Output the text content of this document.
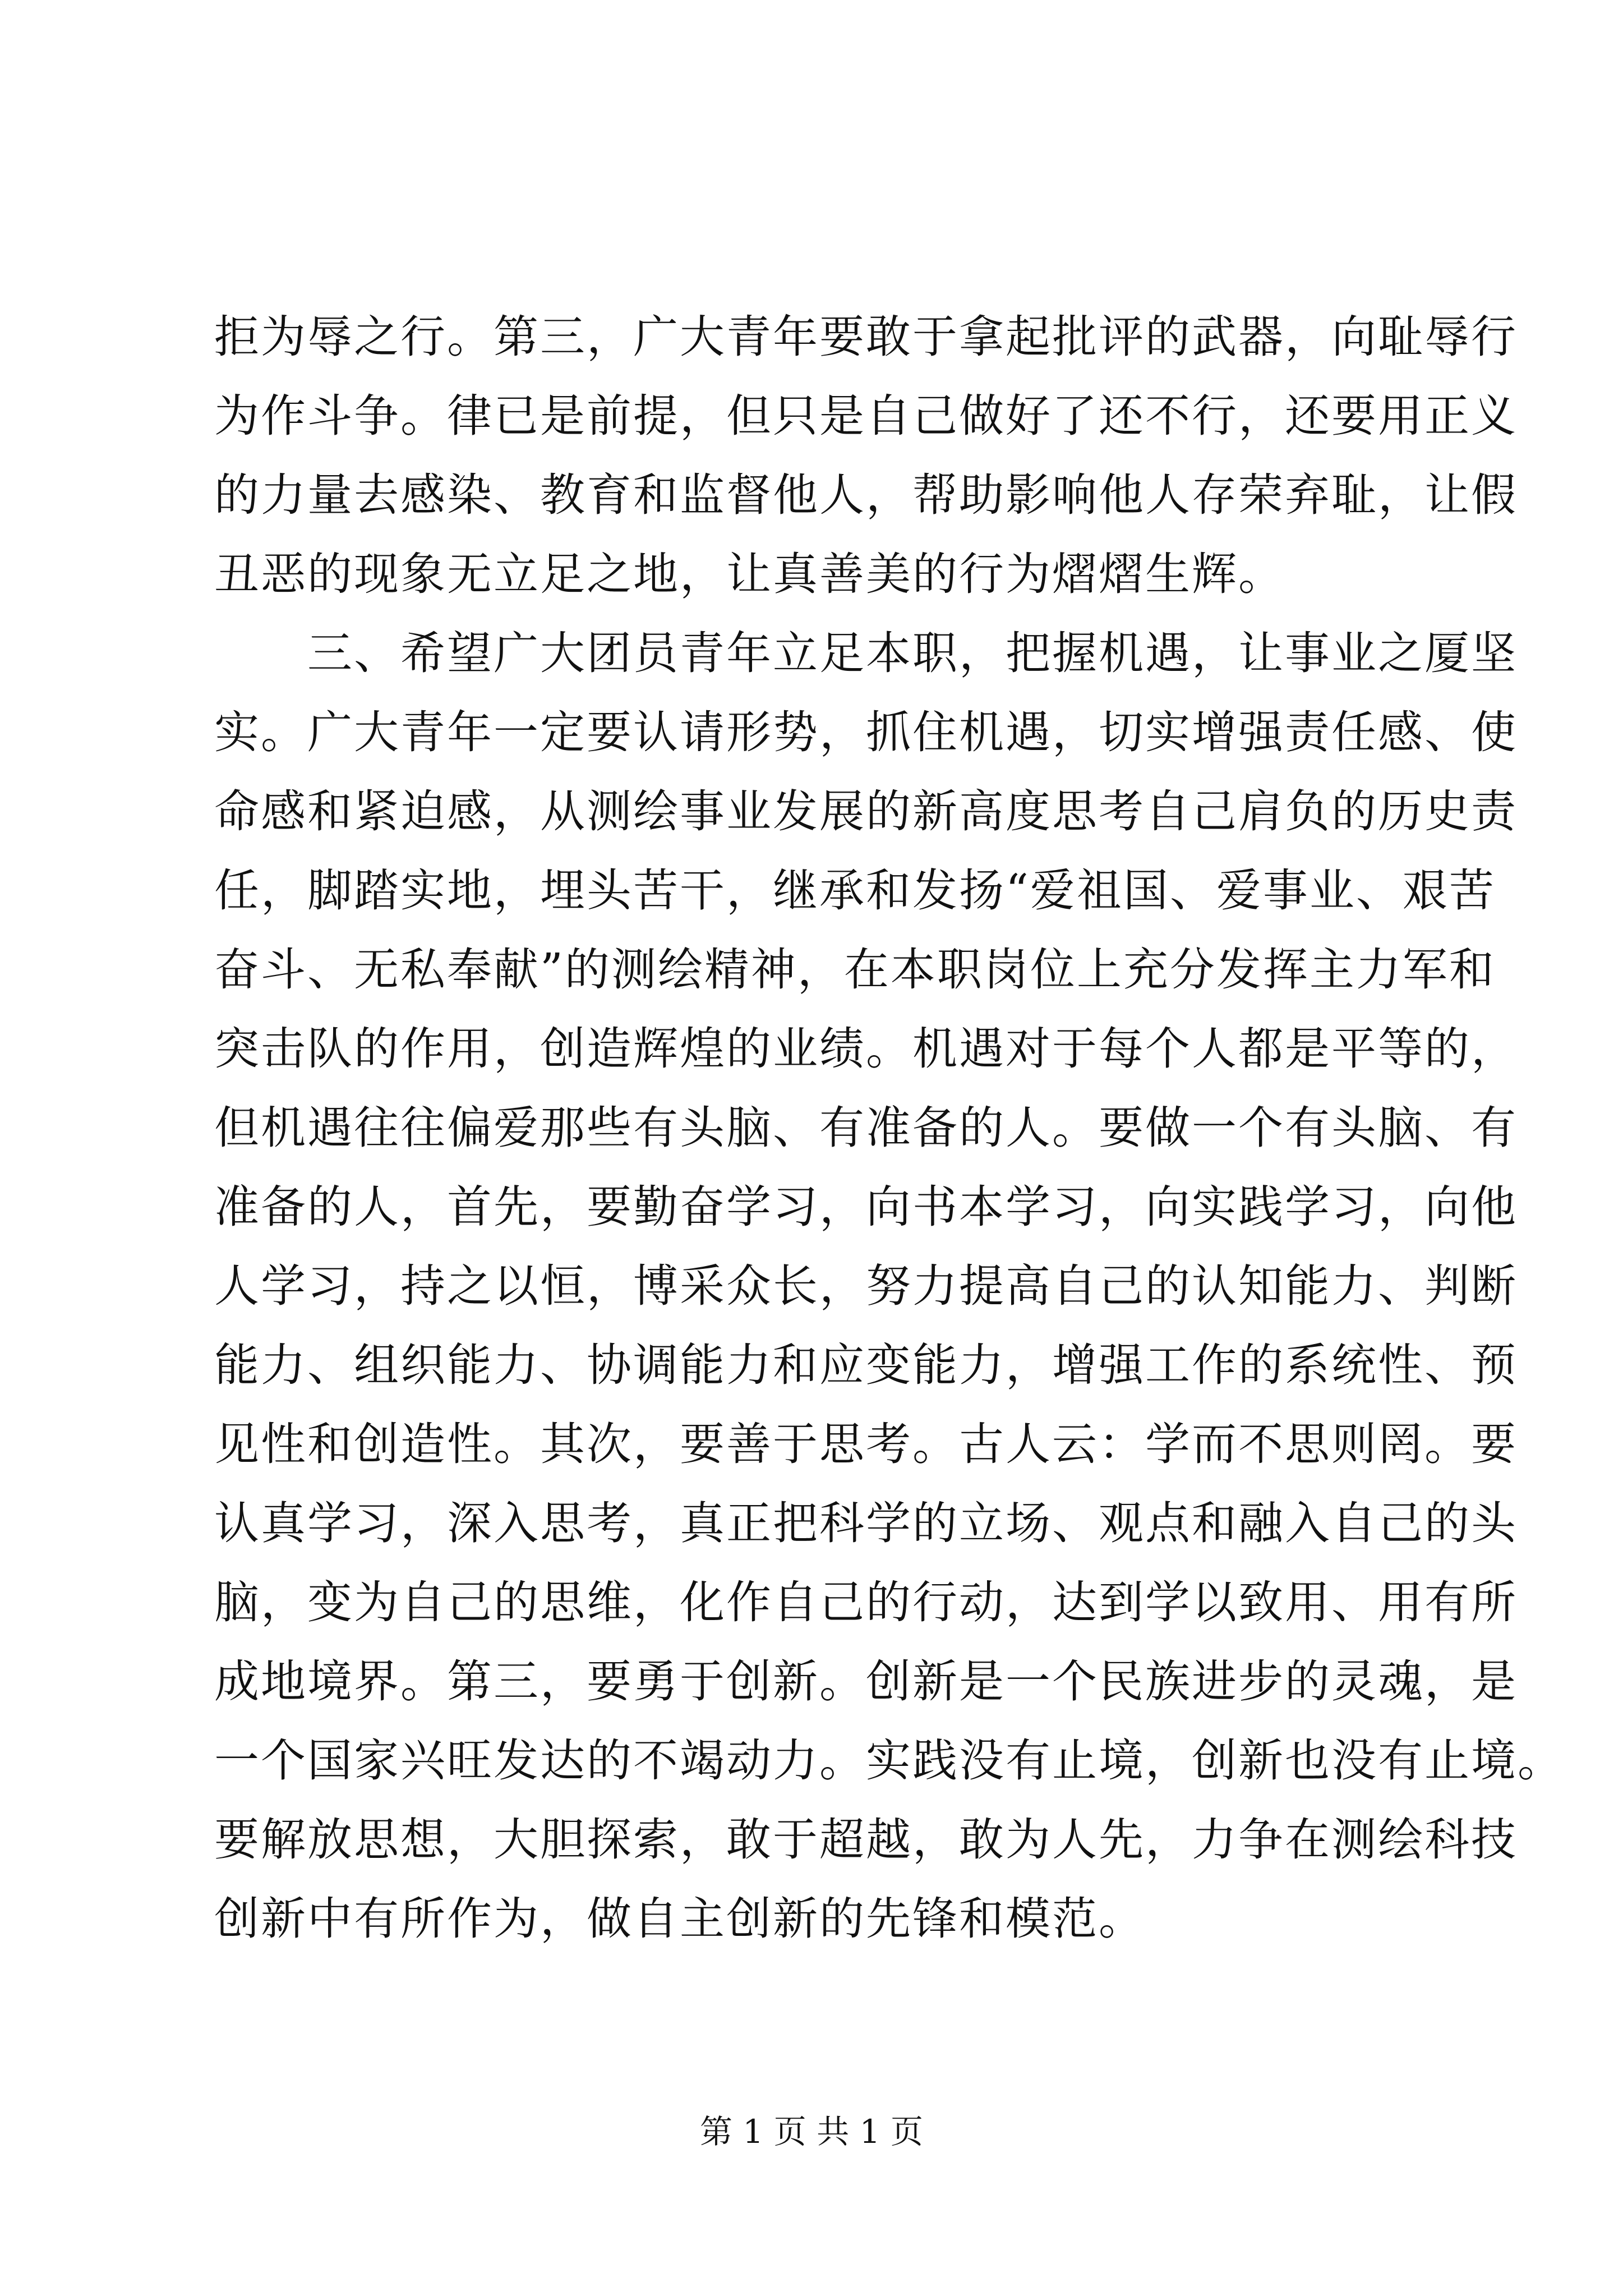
拒为辱之行。第三，广大青年要敢于拿起批评的武器，向耻辱行
为作斗争。律已是前提，但只是自己做好了还不行，还要用正义
的力量去感染、教育和监督他人，帮助影响他人存荣弃耻，让假
丑恶的现象无立足之地，让真善美的行为熠熠生辉。
　　三、希望广大团员青年立足本职，把握机遇，让事业之厦坚
实。广大青年一定要认请形势，抓住机遇，切实增强责任感、使
命感和紧迫感，从测绘事业发展的新高度思考自己肩负的历史责
任，脚踏实地，埋头苦干，继承和发扬“爱祖国、爱事业、艰苦
奋斗、无私奉献”的测绘精神，在本职岗位上充分发挥主力军和
突击队的作用，创造辉煌的业绩。机遇对于每个人都是平等的，
但机遇往往偏爱那些有头脑、有准备的人。要做一个有头脑、有
准备的人，首先，要勤奋学习，向书本学习，向实践学习，向他
人学习，持之以恒，博采众长，努力提高自己的认知能力、判断
能力、组织能力、协调能力和应变能力，增强工作的系统性、预
见性和创造性。其次，要善于思考。古人云：学而不思则罔。要
认真学习，深入思考，真正把科学的立场、观点和融入自己的头
脑，变为自己的思维，化作自己的行动，达到学以致用、用有所
成地境界。第三，要勇于创新。创新是一个民族进步的灵魂，是
一个国家兴旺发达的不竭动力。实践没有止境，创新也没有止境。
要解放思想，大胆探索，敢于超越，敢为人先，力争在测绘科技
创新中有所作为，做自主创新的先锋和模范。
第 1 页 共 1 页
